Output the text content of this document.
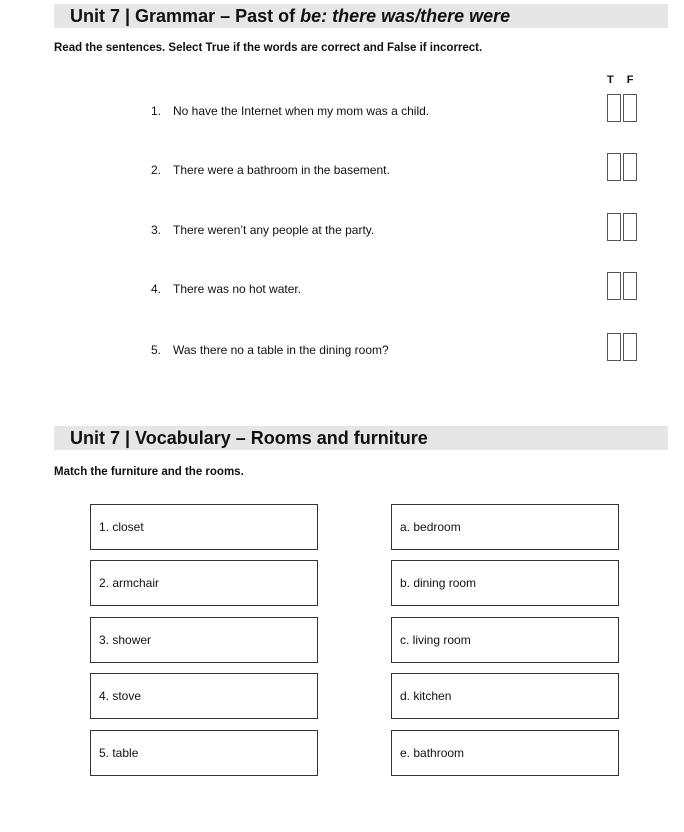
Unit 7 | Grammar – Past of be: there was/there were
Read the sentences. Select True if the words are correct and False if incorrect.
T F
1. No have the Internet when my mom was a child.
2. There were a bathroom in the basement.
3. There weren’t any people at the party.
4. There was no hot water.
5. Was there no a table in the dining room?
Unit 7 | Vocabulary – Rooms and furniture
Match the furniture and the rooms.
1. closet
2. armchair
3. shower
4. stove
5. table
a. bedroom
b. dining room
c. living room
d. kitchen
e. bathroom
